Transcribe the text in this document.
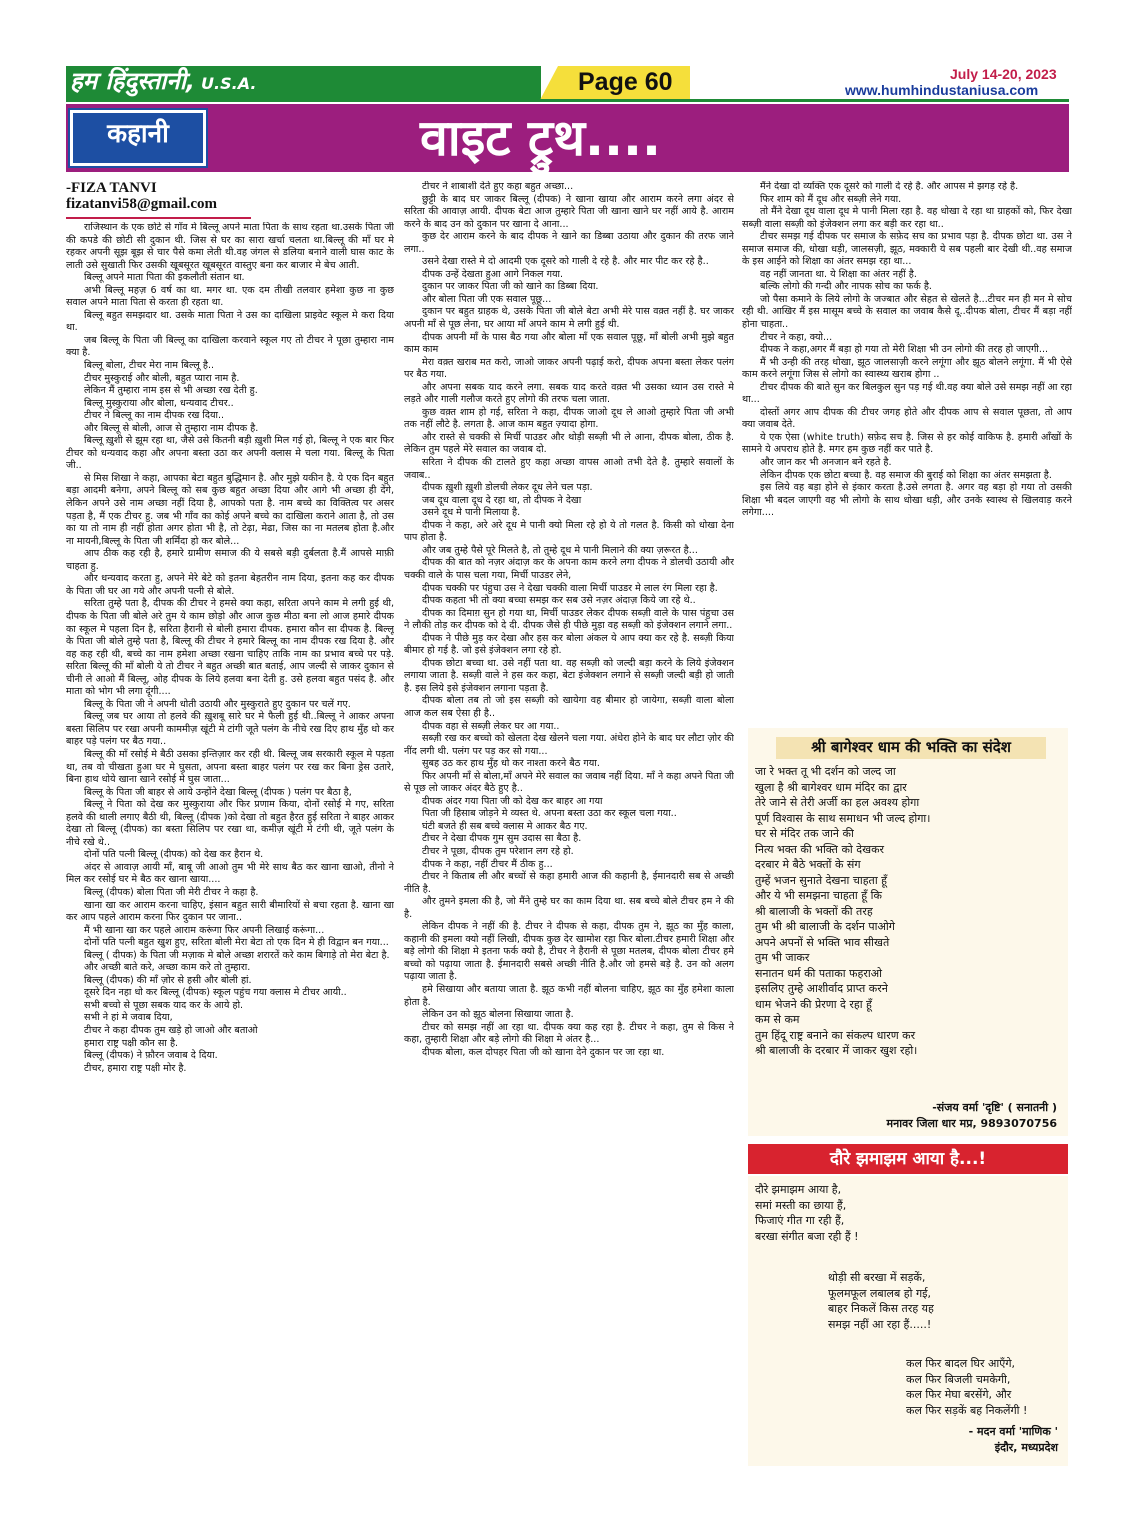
हम हिंदुस्तानी, U.S.A.	Page 60	July 14-20, 2023
www.humhindustaniusa.com
कहानी	वाइट ट्रुथ....
-FIZA TANVI
fizatanvi58@gmail.com

राजिस्थान के एक छोटे से गाँव मे बिल्लू अपने माता पिता के साथ रहता था.उसके पिता जी की कपडे की छोटी सी दुकान थी. जिस से घर का सारा खर्चा चलता था.बिल्लू की माँ घर मे रहकर अपनी सूझ बूझ से चार पैसे कमा लेती थी.वह जंगल से डलिया बनाने वाली घास काट के लाती उसे सुखाती फिर उसकी खूबसूरत खूबसूरत वास्तुए बना कर बाजार मे बेच आती.

बिल्लू अपने माता पिता की इकलौती संतान था.

अभी बिल्लू महज़ 6 वर्ष का था. मगर था. एक दम तीखी तलवार हमेशा कुछ ना कुछ सवाल अपने माता पिता से करता ही रहता था.

बिल्लू बहुत समझदार था. उसके माता पिता ने उस का दाखिला प्राइवेट स्कूल मे करा दिया था.

जब बिल्लू के पिता जी बिल्लू का दाखिला करवाने स्कूल गए तो टीचर ने पूछा तुम्हारा नाम क्या है.

बिल्लू बोला, टीचर मेरा नाम बिल्लू है..

टीचर मुस्कुराई और बोली, बहुत प्यारा नाम है.

लेकिन मैं तुम्हारा नाम इस से भी अच्छा रख देती हु.

बिल्लू मुस्कुराया और बोला, धन्यवाद टीचर..

टीचर ने बिल्लू का नाम दीपक रख दिया..

और बिल्लू से बोली, आज से तुम्हारा नाम दीपक है.

बिल्लू ख़ुशी से झूम रहा था, जैसे उसे कितनी बड़ी ख़ुशी मिल गई हो, बिल्लू ने एक बार फिर टीचर को धन्यवाद कहा और अपना बस्ता उठा कर अपनी क्लास मे चला गया. बिल्लू के पिता जी..

से मिस शिखा ने कहा, आपका बेटा बहुत बुद्धिमान है. और मुझे यकीन है. ये एक दिन बहुत बड़ा आदमी बनेगा, अपने बिल्लू को सब कुछ बहुत अच्छा दिया और आगे भी अच्छा ही देंगे, लेकिन अपने उसे नाम अच्छा नहीं दिया है, आपको पता है. नाम बच्चे का विक्तित्व पर असर पड़ता है, मैं एक टीचर हु. जब भी गाँव का कोई अपने बच्चे का दाखिला कराने आता है, तो उस का या तो नाम ही नहीं होता अगर होता भी है, तो टेढ़ा, मेढा, जिस का ना मतलब होता है.और ना मायनी,बिल्लू के पिता जी शर्मिंदा हो कर बोले...

आप ठीक कह रही है, हमारे ग्रामीण समाज की ये सबसे बड़ी दुर्बलता है.मैं आपसे माफ़ी चाहता हु.

और धन्यवाद करता हु, अपने मेरे बेटे को इतना बेहतरीन नाम दिया, इतना कह कर दीपक के पिता जी घर आ गये और अपनी पत्नी से बोले.

सरिता तुम्हे पता है, दीपक की टीचर ने हमसे क्या कहा, सरिता अपने काम मे लगी हुई थी, दीपक के पिता जी बोले अरे तुम ये काम छोड़ो और आज कुछ मीठा बना लो आज हमारे दीपक का स्कूल मे पहला दिन है, सरिता हैरानी से बोली हमारा दीपक. हमारा कौन सा दीपक है. बिल्लू के पिता जी बोले तुम्हे पता है, बिल्लू की टीचर ने हमारे बिल्लू का नाम दीपक रख दिया है. और वह कह रही थी, बच्चे का नाम हमेशा अच्छा रखना चाहिए ताकि नाम का प्रभाव बच्चे पर पड़े. सरिता बिल्लू की माँ बोली ये तो टीचर ने बहुत अच्छी बात बताई, आप जल्दी से जाकर दुकान से चीनी ले आओ मैं बिल्लू, ओह दीपक के लिये हलवा बना देती हु. उसे हलवा बहुत पसंद है. और माता को भोग भी लगा दूंगी....

बिल्लू के पिता जी ने अपनी धोती उठायी और मुस्कुराते हुए दुकान पर चलें गए.

बिल्लू जब घर आया तो हलवे की ख़ुशबू सारे घर मे फैली हुई थी..बिल्लू ने आकर अपना बस्ता सिलिप पर रखा अपनी काममीज़ खूंटी मे टांगी जूते पलंग के नीचे रख दिए हाथ मुँह धो कर बाहर पड़े पलंग पर बैठ गया..

बिल्लू की माँ रसोई मे बैठी उसका इन्तिज़ार कर रही थी. बिल्लू जब सरकारी स्कूल मे पड़ता था, तब वो चीखता हुआ घर मे घुसता, अपना बस्ता बाहर पलंग पर रख कर बिना ड्रेस उतारे, बिना हाथ धोये खाना खाने रसोई मे घुस जाता...

बिल्लू के पिता जी बाहर से आये उन्होंने देखा बिल्लू (दीपक ) पलंग पर बैठा है,

बिल्लू ने पिता को देख कर मुस्कुराया और फिर प्रणाम किया, दोनों रसोई मे गए, सरिता हलवे की थाली लगाए बैठी थी, बिल्लू (दीपक )को देखा तो बहुत हैरत हुई सरिता ने बाहर आकर देखा तो बिल्लू (दीपक) का बस्ता सिलिप पर रखा था, कमीज़ खूंटी मे टंगी थी, जूते पलंग के नीचे रखे थे..

दोनों पति पत्नी बिल्लू (दीपक) को देख कर हैरान थे.

अंदर से आवाज़ आयी माँ, बाबू जी आओ तुम भी मेरे साथ बैठ कर खाना खाओ, तीनो ने मिल कर रसोई घर मे बैठ कर खाना खाया....

बिल्लू (दीपक) बोला पिता जी मेरी टीचर ने कहा है.

खाना खा कर आराम करना चाहिए, इंसान बहुत सारी बीमारियों से बचा रहता है. खाना खा कर आप पहले आराम करना फिर दुकान पर जाना..

मैं भी खाना खा कर पहले आराम करूंगा फिर अपनी लिखाई करूंगा...

दोनों पति पत्नी बहुत खुश हुए, सरिता बोली मेरा बेटा तो एक दिन मे ही विद्वान बन गया...

बिल्लू ( दीपक) के पिता जी मज़ाक मे बोले अच्छा शरारतें करे काम बिगाड़े तो मेरा बेटा है.

और अच्छी बाते करे, अच्छा काम करे तो तुम्हारा.

बिल्लू (दीपक) की माँ ज़ोर से हसी और बोली हां.

दूसरे दिन नहा धो कर बिल्लू (दीपक) स्कूल पहुंच गया क्लास मे टीचर आयी..

सभी बच्चो से पूछा सबक याद कर के आये हो.

सभी ने हां मे जवाब दिया,

टीचर ने कहा दीपक तुम खड़े हो जाओ और बताओ

हमारा राष्ट्र पक्षी कौन सा है.

बिल्लू (दीपक) ने फ़ौरन जवाब दे दिया.

टीचर, हमारा राष्ट्र पक्षी मोर है.

टीचर ने शाबाशी देते हुए कहा बहुत अच्छा...

छुट्टी के बाद घर जाकर बिल्लू (दीपक) ने खाना खाया और आराम करने लगा अंदर से सरिता की आवाज़ आयी. दीपक बेटा आज तुम्हारे पिता जी खाना खाने घर नहीं आये है. आराम करने के बाद उन को दुकान पर खाना दे आना...

कुछ देर आराम करने के बाद दीपक ने खाने का डिब्बा उठाया और दुकान की तरफ जाने लगा..

उसने देखा रास्ते मे दो आदमी एक दूसरे को गाली दे रहे है. और मार पीट कर रहे है..

दीपक उन्हें देखता हुआ आगे निकल गया.

दुकान पर जाकर पिता जी को खाने का डिब्बा दिया.

और बोला पिता जी एक सवाल पूछू...

दुकान पर बहुत ग्राहक थे, उसके पिता जी बोले बेटा अभी मेरे पास वक़्त नहीं है. घर जाकर अपनी माँ से पूछ लेना, घर आया माँ अपने काम मे लगी हुई थी.

दीपक अपनी माँ के पास बैठ गया और बोला माँ एक सवाल पूछू, माँ बोली अभी मुझे बहुत काम काम

मेरा वक़्त खराब मत करो, जाओ जाकर अपनी पढ़ाई करो, दीपक अपना बस्ता लेकर पलंग पर बैठ गया.

और अपना सबक याद करने लगा. सबक याद करते वक़्त भी उसका ध्यान उस रास्ते मे लड़ते और गाली गलौज करते हुए लोगो की तरफ चला जाता.

कुछ वक़्त शाम हो गई, सरिता ने कहा, दीपक जाओ दूध ले आओ तुम्हारे पिता जी अभी तक नहीं लौटे है. लगता है. आज काम बहुत ज़्यादा होगा.

और रास्ते से चक्की से मिर्ची पाउडर और थोड़ी सब्ज़ी भी ले आना, दीपक बोला, ठीक है. लेकिन तुम पहले मेरे सवाल का जवाब दो.

सरिता ने दीपक की टालते हुए कहा अच्छा वापस आओ तभी देते है. तुम्हारे सवालों के जवाब..

दीपक ख़ुशी ख़ुशी डोलची लेकर दूध लेने चल पड़ा.

जब दूध वाला दूध दे रहा था, तो दीपक ने देखा

उसने दूध मे पानी मिलाया है.

दीपक ने कहा, अरे अरे दूध मे पानी क्यो मिला रहे हो ये तो गलत है. किसी को धोखा देना पाप होता है.

और जब तुम्हे पैसे पूरे मिलते है, तो तुम्हे दूध मे पानी मिलाने की क्या ज़रूरत है...

दीपक की बात को नज़र अंदाज़ कर के अपना काम करने लगा दीपक ने डोलची उठायी और चक्की वाले के पास चला गया, मिर्ची पाउडर लेने,

दीपक चक्की पर पंहुचा उस ने देखा चक्की वाला मिर्ची पाउडर मे लाल रंग मिला रहा है.

दीपक कहता भी तो क्या बच्चा समझ कर सब उसे नज़र अंदाज़ किये जा रहे थे..

दीपक का दिमाग़ सुन हो गया था, मिर्ची पाउडर लेकर दीपक सब्ज़ी वाले के पास पंहुचा उस ने लौकी तोड़ कर दीपक को दे दी. दीपक जैसे ही पीछे मुड़ा वह सब्ज़ी को इंजेक्शन लगाने लगा..

दीपक ने पीछे मुड़ कर देखा और हस कर बोला अंकल ये आप क्या कर रहे है. सब्ज़ी किया बीमार हो गई है. जो इसे इंजेक्शन लगा रहे हो.

दीपक छोटा बच्चा था. उसे नहीं पता था. वह सब्ज़ी को जल्दी बड़ा करने के लिये इंजेक्शन लगाया जाता है. सब्ज़ी वाले ने हस कर कहा, बेटा इंजेक्शन लगाने से सब्ज़ी जल्दी बड़ी हो जाती है. इस लिये इसे इंजेक्शन लगाना पड़ता है.

दीपक बोला तब तो जो इस सब्ज़ी को खायेगा वह बीमार हो जायेगा, सब्ज़ी वाला बोला आज कल सब ऐसा ही है..

दीपक वहा से सब्ज़ी लेकर घर आ गया..

सब्ज़ी रख कर बच्चो को खेलता देख खेलने चला गया. अंधेरा होने के बाद घर लौटा ज़ोर की नींद लगी थी. पलंग पर पड़ कर सो गया...

सुबह उठ कर हाथ मुँह धो कर नाश्ता करने बैठ गया.

फिर अपनी माँ से बोला,माँ अपने मेरे सवाल का जवाब नहीं दिया. माँ ने कहा अपने पिता जी से पूछ लो जाकर अंदर बैठे हुए है..

दीपक अंदर गया पिता जी को देख कर बाहर आ गया

पिता जी हिसाब जोड़ने मे व्यस्त थे. अपना बस्ता उठा कर स्कूल चला गया..

घंटी बजते ही सब बच्चे क्लास मे आकर बैठ गए.

टीचर ने देखा दीपक गुम सुम उदास सा बैठा है.

टीचर ने पूछा, दीपक तुम परेशान लग रहे हो.

दीपक ने कहा, नहीं टीचर मैं ठीक हु...

टीचर ने किताब ली और बच्चों से कहा हमारी आज की कहानी है, ईमानदारी सब से अच्छी नीति है.

और तुमने इमला की है, जो मैंने तुम्हे घर का काम दिया था. सब बच्चे बोले टीचर हम ने की है.

लेकिन दीपक ने नहीं की है. टीचर ने दीपक से कहा, दीपक तुम ने, झूठ का मुँह काला, कहानी की इमला क्यो नहीं लिखी, दीपक कुछ देर खामोश रहा फिर बोला.टीचर हमारी शिक्षा और बड़े लोगो की शिक्षा मे इतना फर्क क्यो है, टीचर ने हैरानी से पूछा मतलब, दीपक बोला टीचर हमे बच्चो को पढ़ाया जाता है. ईमानदारी सबसे अच्छी नीति है.और जो हमसे बड़े है. उन को अलग पढ़ाया जाता है.

हमे सिखाया और बताया जाता है. झूठ कभी नहीं बोलना चाहिए, झूठ का मुँह हमेशा काला होता है.

लेकिन उन को झूठ बोलना सिखाया जाता है.

टीचर को समझ नहीं आ रहा था. दीपक क्या कह रहा है. टीचर ने कहा, तुम से किस ने कहा, तुम्हारी शिक्षा और बड़े लोगो की शिक्षा मे अंतर है...

दीपक बोला, कल दोपहर पिता जी को खाना देने दुकान पर जा रहा था.

मैंने देखा दो व्यक्ति एक दूसरे को गाली दे रहे है. और आपस मे झगड़ रहे है.

फिर शाम को मैं दूध और सब्ज़ी लेने गया.

तो मैंने देखा दूध वाला दूध मे पानी मिला रहा है. वह धोखा दे रहा था ग्राहकों को, फिर देखा सब्ज़ी वाला सब्ज़ी को इंजेक्शन लगा कर बड़ी कर रहा था..

टीचर समझ गई दीपक पर समाज के सफ़ेद सच का प्रभाव पड़ा है. दीपक छोटा था. उस ने समाज समाज की, धोखा धड़ी, जालसज़ी, झूठ, मक्कारी ये सब पहली बार देखी थी..वह समाज के इस आईने को शिक्षा का अंतर समझ रहा था...

वह नहीं जानता था. ये शिक्षा का अंतर नहीं है.

बल्कि लोगो की गन्दी और नापक सोच का फर्क है.

जो पैसा कमाने के लिये लोगो के जज्बात और सेहत से खेलते है...टीचर मन ही मन मे सोच रही थी. आखिर मैं इस मासूम बच्चे के सवाल का जवाब कैसे दू..दीपक बोला, टीचर मैं बड़ा नहीं होना चाहता..

टीचर ने कहा, क्यो...

दीपक ने कहा,अगर मैं बड़ा हो गया तो मेरी शिक्षा भी उन लोगो की तरह हो जाएगी...

मैं भी उन्ही की तरह धोखा, झूठ जालसाज़ी करने लगूंगा और झूठ बोलने लगूंगा. मैं भी ऐसे काम करने लगूंगा जिस से लोगो का स्वास्थ्य खराब होगा ..

टीचर दीपक की बाते सुन कर बिलकुल सुन पड़ गई थी.वह क्या बोले उसे समझ नहीं आ रहा था...

दोस्तों अगर आप दीपक की टीचर जगह होते और दीपक आप से सवाल पूछता, तो आप क्या जवाब देते.

ये एक ऐसा (white truth) सफ़ेद सच है. जिस से हर कोई वाकिफ है. हमारी आँखों के सामने ये अपराध होते है. मगर हम कुछ नहीं कर पाते है.

और जान कर भी अनजान बने रहते है.

लेकिन दीपक एक छोटा बच्चा है. वह समाज की बुराई को शिक्षा का अंतर समझता है.

इस लिये वह बड़ा होने से इंकार करता है.उसे लगता है. अगर वह बड़ा हो गया तो उसकी शिक्षा भी बदल जाएगी वह भी लोगो के साथ धोखा धड़ी, और उनके स्वास्थ से खिलवाड़ करने लगेगा....

श्री बागेश्वर धाम की भक्ति का संदेश
जा रे भक्त तू भी दर्शन को जल्द जा
खुला है श्री बागेश्वर धाम मंदिर का द्वार
तेरे जाने से तेरी अर्जी का हल अवश्य होगा
पूर्ण विश्वास के साथ समाधन भी जल्द होगा।
घर से मंदिर तक जाने की
नित्य भक्त की भक्ति को देखकर
दरबार मे बैठे भक्तों के संग
तुम्हें भजन सुनाते देखना चाहता हूँ
और ये भी समझना चाहता हूँ कि
श्री बालाजी के भक्तों की तरह
तुम भी श्री बालाजी के दर्शन पाओगे
अपने अपनों से भक्ति भाव सीखते
तुम भी जाकर
सनातन धर्म की पताका फहराओ
इसलिए तुम्हे आशीर्वाद प्राप्त करने
धाम भेजने की प्रेरणा दे रहा हूँ
कम से कम
तुम हिंदू राष्ट्र बनाने का संकल्प धारण कर
श्री बालाजी के दरबार में जाकर खुश रहो।
-संजय वर्मा 'दृष्टि' ( सनातनी )
मनावर जिला धार मप्र, 9893070756
दौरे झमाझम आया है...!
दौरे झमाझम आया है,
समां मस्ती का छाया हैं,
फिजाएं गीत गा रही हैं,
बरखा संगीत बजा रही हैं !
थोड़ी सी बरखा में सड़कें,
फूलमफूल लबालब हो गई,
बाहर निकलें किस तरह यह
समझ नहीं आ रहा हैं.....!
कल फिर बादल घिर आएँगे,
कल फिर बिजली चमकेगी,
कल फिर मेघा बरसेंगे, और
कल फिर सड़कें बह निकलेंगी !
- मदन वर्मा 'माणिक '
इंदौर, मध्यप्रदेश
